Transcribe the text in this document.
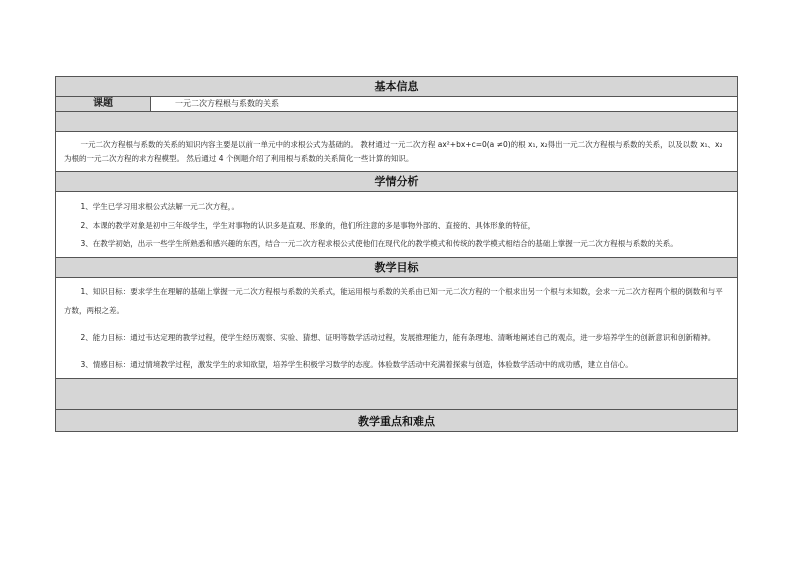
基本信息
课题	一元二次方程根与系数的关系

一元二次方程根与系数的关系的知识内容主要是以前一单元中的求根公式为基础的。 教材通过一元二次方程 ax²+bx+c=0(a ≠0)的根 x₁, x₂得出一元二次方程根与系数的关系，以及以数 x₁、x₂为根的一元二次方程的求方程模型。 然后通过 4 个例题介绍了利用根与系数的关系简化一些计算的知识。

学情分析

1、学生已学习用求根公式法解一元二次方程，。

2、本课的教学对象是初中三年级学生，学生对事物的认识多是直观、形象的，他们所注意的多是事物外部的、直接的、具体形象的特征，

3、在教学初始，出示一些学生所熟悉和感兴趣的东西，结合一元二次方程求根公式使他们在现代化的教学模式和传统的教学模式相结合的基础上掌握一元二次方程根与系数的关系。

教学目标

1、知识目标：要求学生在理解的基础上掌握一元二次方程根与系数的关系式，能运用根与系数的关系由已知一元二次方程的一个根求出另一个根与未知数，会求一元二次方程两个根的倒数和与平方数，两根之差。

2、能力目标：通过韦达定理的教学过程，使学生经历观察、实验、猜想、证明等数学活动过程，发展推理能力，能有条理地、清晰地阐述自己的观点，进一步培养学生的创新意识和创新精神。

3、情感目标：通过情境教学过程，激发学生的求知欲望，培养学生积极学习数学的态度。体验数学活动中充满着探索与创造，体验数学活动中的成功感，建立自信心。

教学重点和难点
